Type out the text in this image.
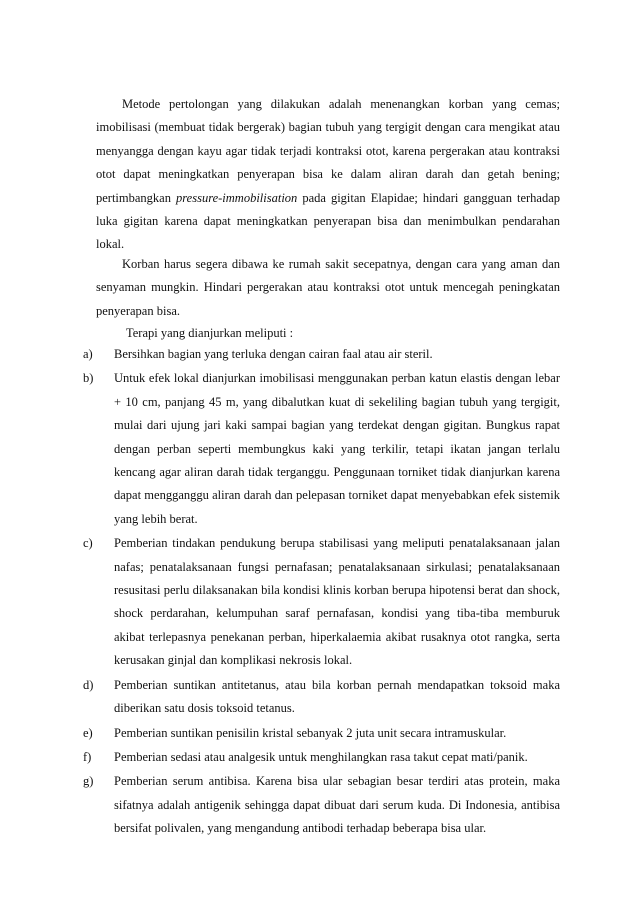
Metode pertolongan yang dilakukan adalah menenangkan korban yang cemas; imobilisasi (membuat tidak bergerak) bagian tubuh yang tergigit dengan cara mengikat atau menyangga dengan kayu agar tidak terjadi kontraksi otot, karena pergerakan atau kontraksi otot dapat meningkatkan penyerapan bisa ke dalam aliran darah dan getah bening; pertimbangkan pressure-immobilisation pada gigitan Elapidae; hindari gangguan terhadap luka gigitan karena dapat meningkatkan penyerapan bisa dan menimbulkan pendarahan lokal.

Korban harus segera dibawa ke rumah sakit secepatnya, dengan cara yang aman dan senyaman mungkin. Hindari pergerakan atau kontraksi otot untuk mencegah peningkatan penyerapan bisa.

Terapi yang dianjurkan meliputi :

a) Bersihkan bagian yang terluka dengan cairan faal atau air steril.
b) Untuk efek lokal dianjurkan imobilisasi menggunakan perban katun elastis dengan lebar + 10 cm, panjang 45 m, yang dibalutkan kuat di sekeliling bagian tubuh yang tergigit, mulai dari ujung jari kaki sampai bagian yang terdekat dengan gigitan. Bungkus rapat dengan perban seperti membungkus kaki yang terkilir, tetapi ikatan jangan terlalu kencang agar aliran darah tidak terganggu. Penggunaan torniket tidak dianjurkan karena dapat mengganggu aliran darah dan pelepasan torniket dapat menyebabkan efek sistemik yang lebih berat.
c) Pemberian tindakan pendukung berupa stabilisasi yang meliputi penatalaksanaan jalan nafas; penatalaksanaan fungsi pernafasan; penatalaksanaan sirkulasi; penatalaksanaan resusitasi perlu dilaksanakan bila kondisi klinis korban berupa hipotensi berat dan shock, shock perdarahan, kelumpuhan saraf pernafasan, kondisi yang tiba-tiba memburuk akibat terlepasnya penekanan perban, hiperkalaemia akibat rusaknya otot rangka, serta kerusakan ginjal dan komplikasi nekrosis lokal.
d) Pemberian suntikan antitetanus, atau bila korban pernah mendapatkan toksoid maka diberikan satu dosis toksoid tetanus.
e) Pemberian suntikan penisilin kristal sebanyak 2 juta unit secara intramuskular.
f) Pemberian sedasi atau analgesik untuk menghilangkan rasa takut cepat mati/panik.
g) Pemberian serum antibisa. Karena bisa ular sebagian besar terdiri atas protein, maka sifatnya adalah antigenik sehingga dapat dibuat dari serum kuda. Di Indonesia, antibisa bersifat polivalen, yang mengandung antibodi terhadap beberapa bisa ular.
